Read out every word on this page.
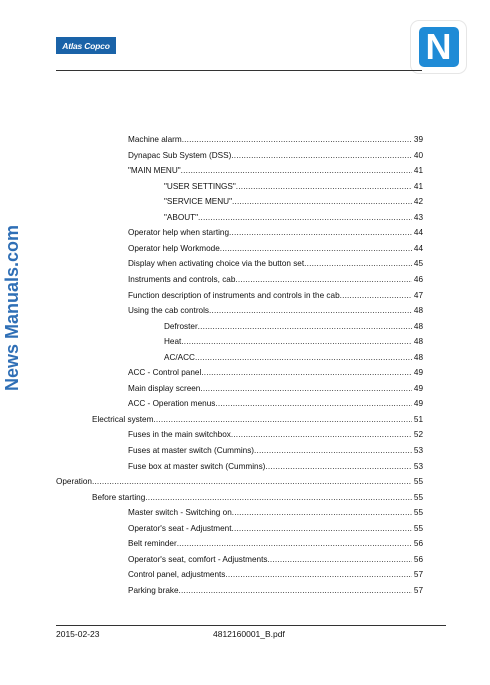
Atlas Copco	N
News Manuals.com
Machine alarm .....	39
Dynapac Sub System (DSS) .....	40
"MAIN MENU" .....	41
"USER SETTINGS" .....	41
"SERVICE MENU" .....	42
"ABOUT" .....	43
Operator help when starting .....	44
Operator help Workmode .....	44
Display when activating choice via the button set .....	45
Instruments and controls, cab .....	46
Function description of instruments and controls in the cab .....	47
Using the cab controls .....	48
Defroster .....	48
Heat .....	48
AC/ACC .....	48
ACC - Control panel .....	49
Main display screen .....	49
ACC - Operation menus .....	49
Electrical system .....	51
Fuses in the main switchbox .....	52
Fuses at master switch (Cummins) .....	53
Fuse box at master switch (Cummins) .....	53
Operation .....	55
Before starting .....	55
Master switch - Switching on .....	55
Operator's seat - Adjustment .....	55
Belt reminder .....	56
Operator's seat, comfort - Adjustments .....	56
Control panel, adjustments .....	57
Parking brake .....	57
2015-02-23	4812160001_B.pdf
